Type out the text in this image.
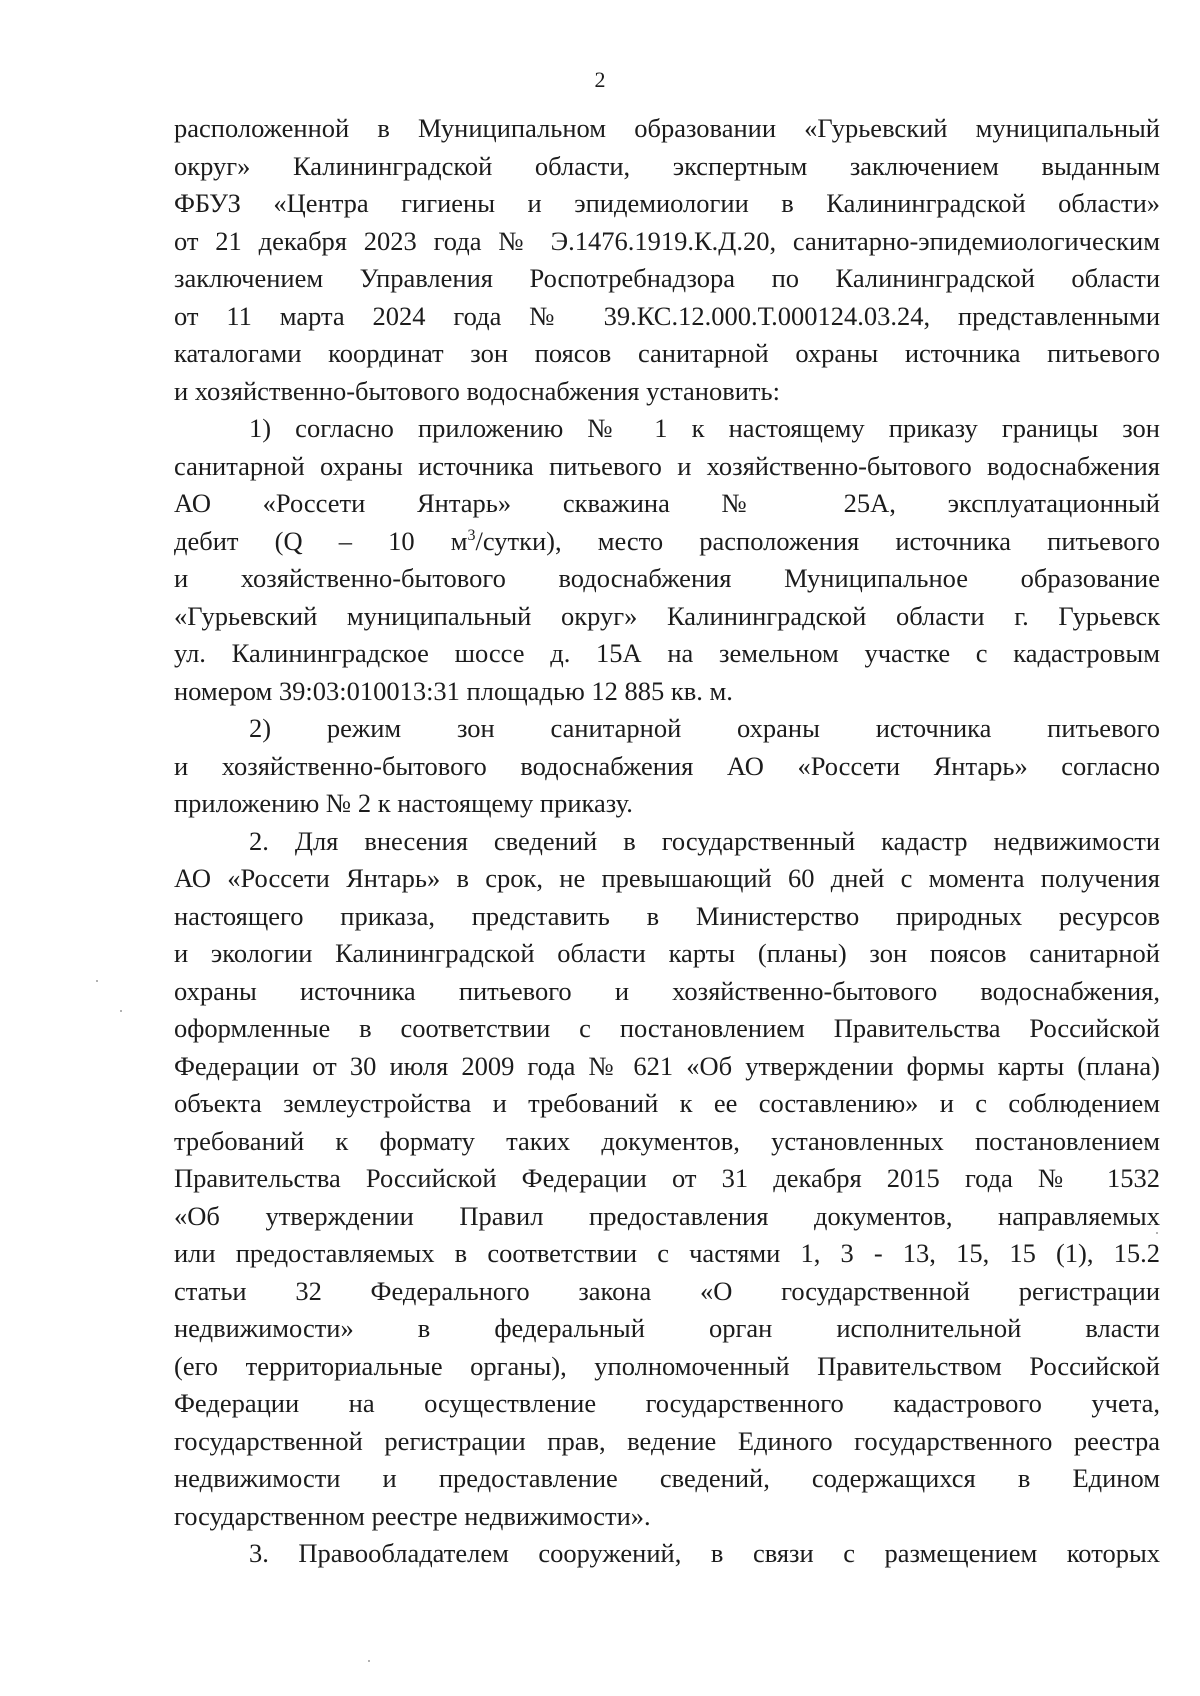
2
расположенной в Муниципальном образовании «Гурьевский муниципальный
округ» Калининградской области, экспертным заключением выданным
ФБУЗ «Центра гигиены и эпидемиологии в Калининградской области»
от 21 декабря 2023 года № Э.1476.1919.К.Д.20, санитарно-эпидемиологическим
заключением Управления Роспотребнадзора по Калининградской области
от 11 марта 2024 года № 39.КС.12.000.Т.000124.03.24, представленными
каталогами координат зон поясов санитарной охраны источника питьевого
и хозяйственно-бытового водоснабжения установить:
1) согласно приложению № 1 к настоящему приказу границы зон
санитарной охраны источника питьевого и хозяйственно-бытового водоснабжения
АО «Россети Янтарь» скважина № 25А, эксплуатационный
дебит (Q – 10 $м^3/сутки$), место расположения источника питьевого
и хозяйственно-бытового водоснабжения Муниципальное образование
«Гурьевский муниципальный округ» Калининградской области г. Гурьевск
ул. Калининградское шоссе д. 15А на земельном участке с кадастровым
номером 39:03:010013:31 площадью 12 885 кв. м.
2) режим зон санитарной охраны источника питьевого
и хозяйственно-бытового водоснабжения АО «Россети Янтарь» согласно
приложению № 2 к настоящему приказу.
2. Для внесения сведений в государственный кадастр недвижимости
АО «Россети Янтарь» в срок, не превышающий 60 дней с момента получения
настоящего приказа, представить в Министерство природных ресурсов
и экологии Калининградской области карты (планы) зон поясов санитарной
охраны источника питьевого и хозяйственно-бытового водоснабжения,
оформленные в соответствии с постановлением Правительства Российской
Федерации от 30 июля 2009 года № 621 «Об утверждении формы карты (плана)
объекта землеустройства и требований к ее составлению» и с соблюдением
требований к формату таких документов, установленных постановлением
Правительства Российской Федерации от 31 декабря 2015 года № 1532
«Об утверждении Правил предоставления документов, направляемых
или предоставляемых в соответствии с частями 1, 3 - 13, 15, 15 (1), 15.2
статьи 32 Федерального закона «О государственной регистрации
недвижимости» в федеральный орган исполнительной власти
(его территориальные органы), уполномоченный Правительством Российской
Федерации на осуществление государственного кадастрового учета,
государственной регистрации прав, ведение Единого государственного реестра
недвижимости и предоставление сведений, содержащихся в Едином
государственном реестре недвижимости».
3. Правообладателем сооружений, в связи с размещением которых
